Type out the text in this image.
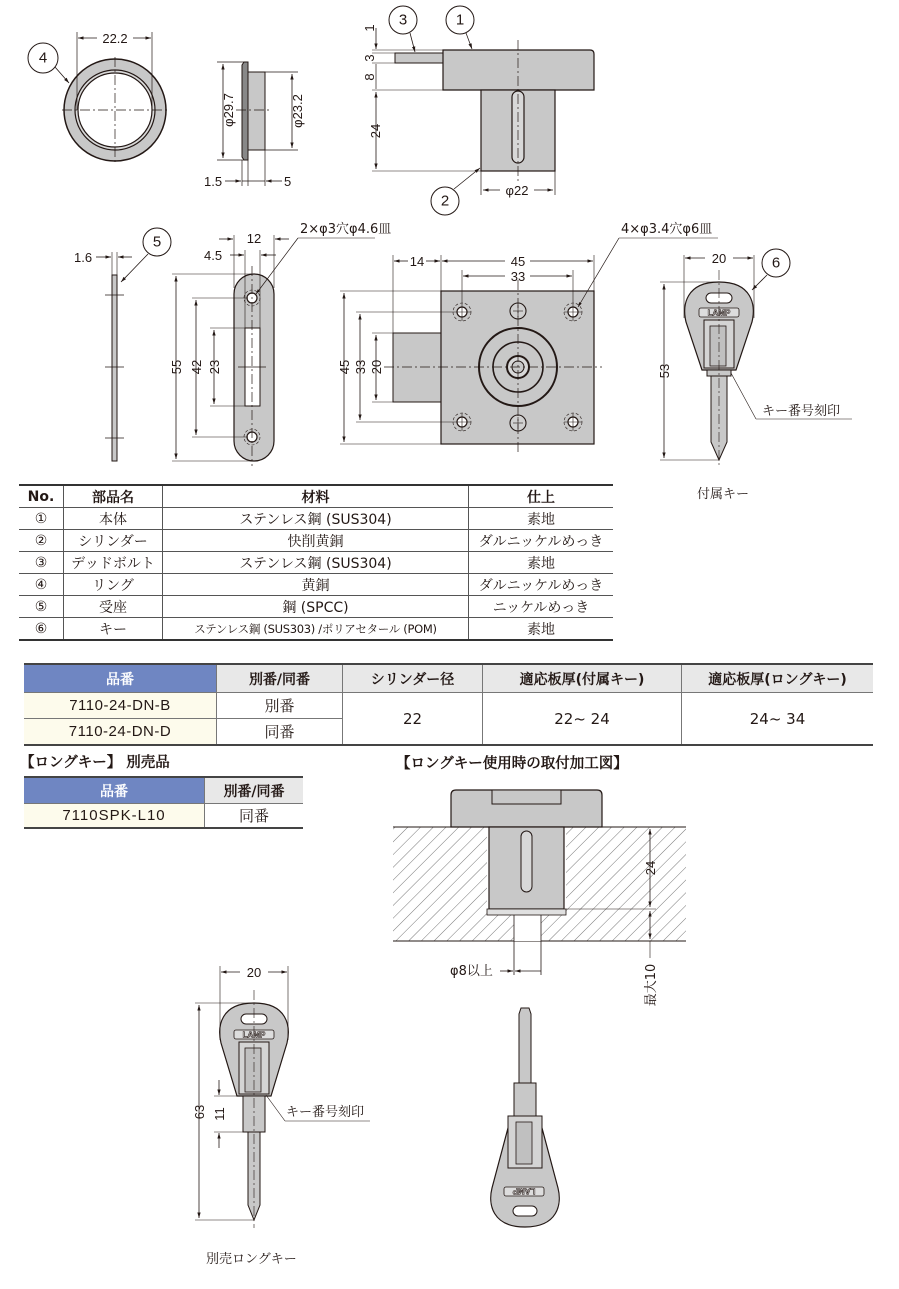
22.2
4
φ29.7	φ23.2
1.5	5
1
3
8
24
φ22
3	1
2
1.6
5	12
4.5
55 42 23
2×φ3穴φ4.6皿
14	45
33
45 33 20
4×φ3.4穴φ6皿
LAMP
20
53
6
キー番号刻印
24
最大10
φ8以上
LAMP
LAMP
20
63 11	キー番号刻印
付属キー
別売ロングキー
【ロングキー使用時の取付加工図】
【ロングキー】 別売品
No.	部品名	材料	仕上
①	本体	ステンレス鋼 (SUS304)	素地
②	シリンダー	快削黄銅	ダルニッケルめっき
③	デッドボルト	ステンレス鋼 (SUS304)	素地
④	リング	黄銅	ダルニッケルめっき
⑤	受座	鋼 (SPCC)	ニッケルめっき
⑥	キー	ステンレス鋼 (SUS303) /ポリアセタール (POM)	素地
品番	別番/同番	シリンダー径	適応板厚(付属キー)	適応板厚(ロングキー)
7110-24-DN-B	別番	22	22~ 24	24~ 34
7110-24-DN-D	同番			
品番	別番/同番
7110SPK-L10	同番
